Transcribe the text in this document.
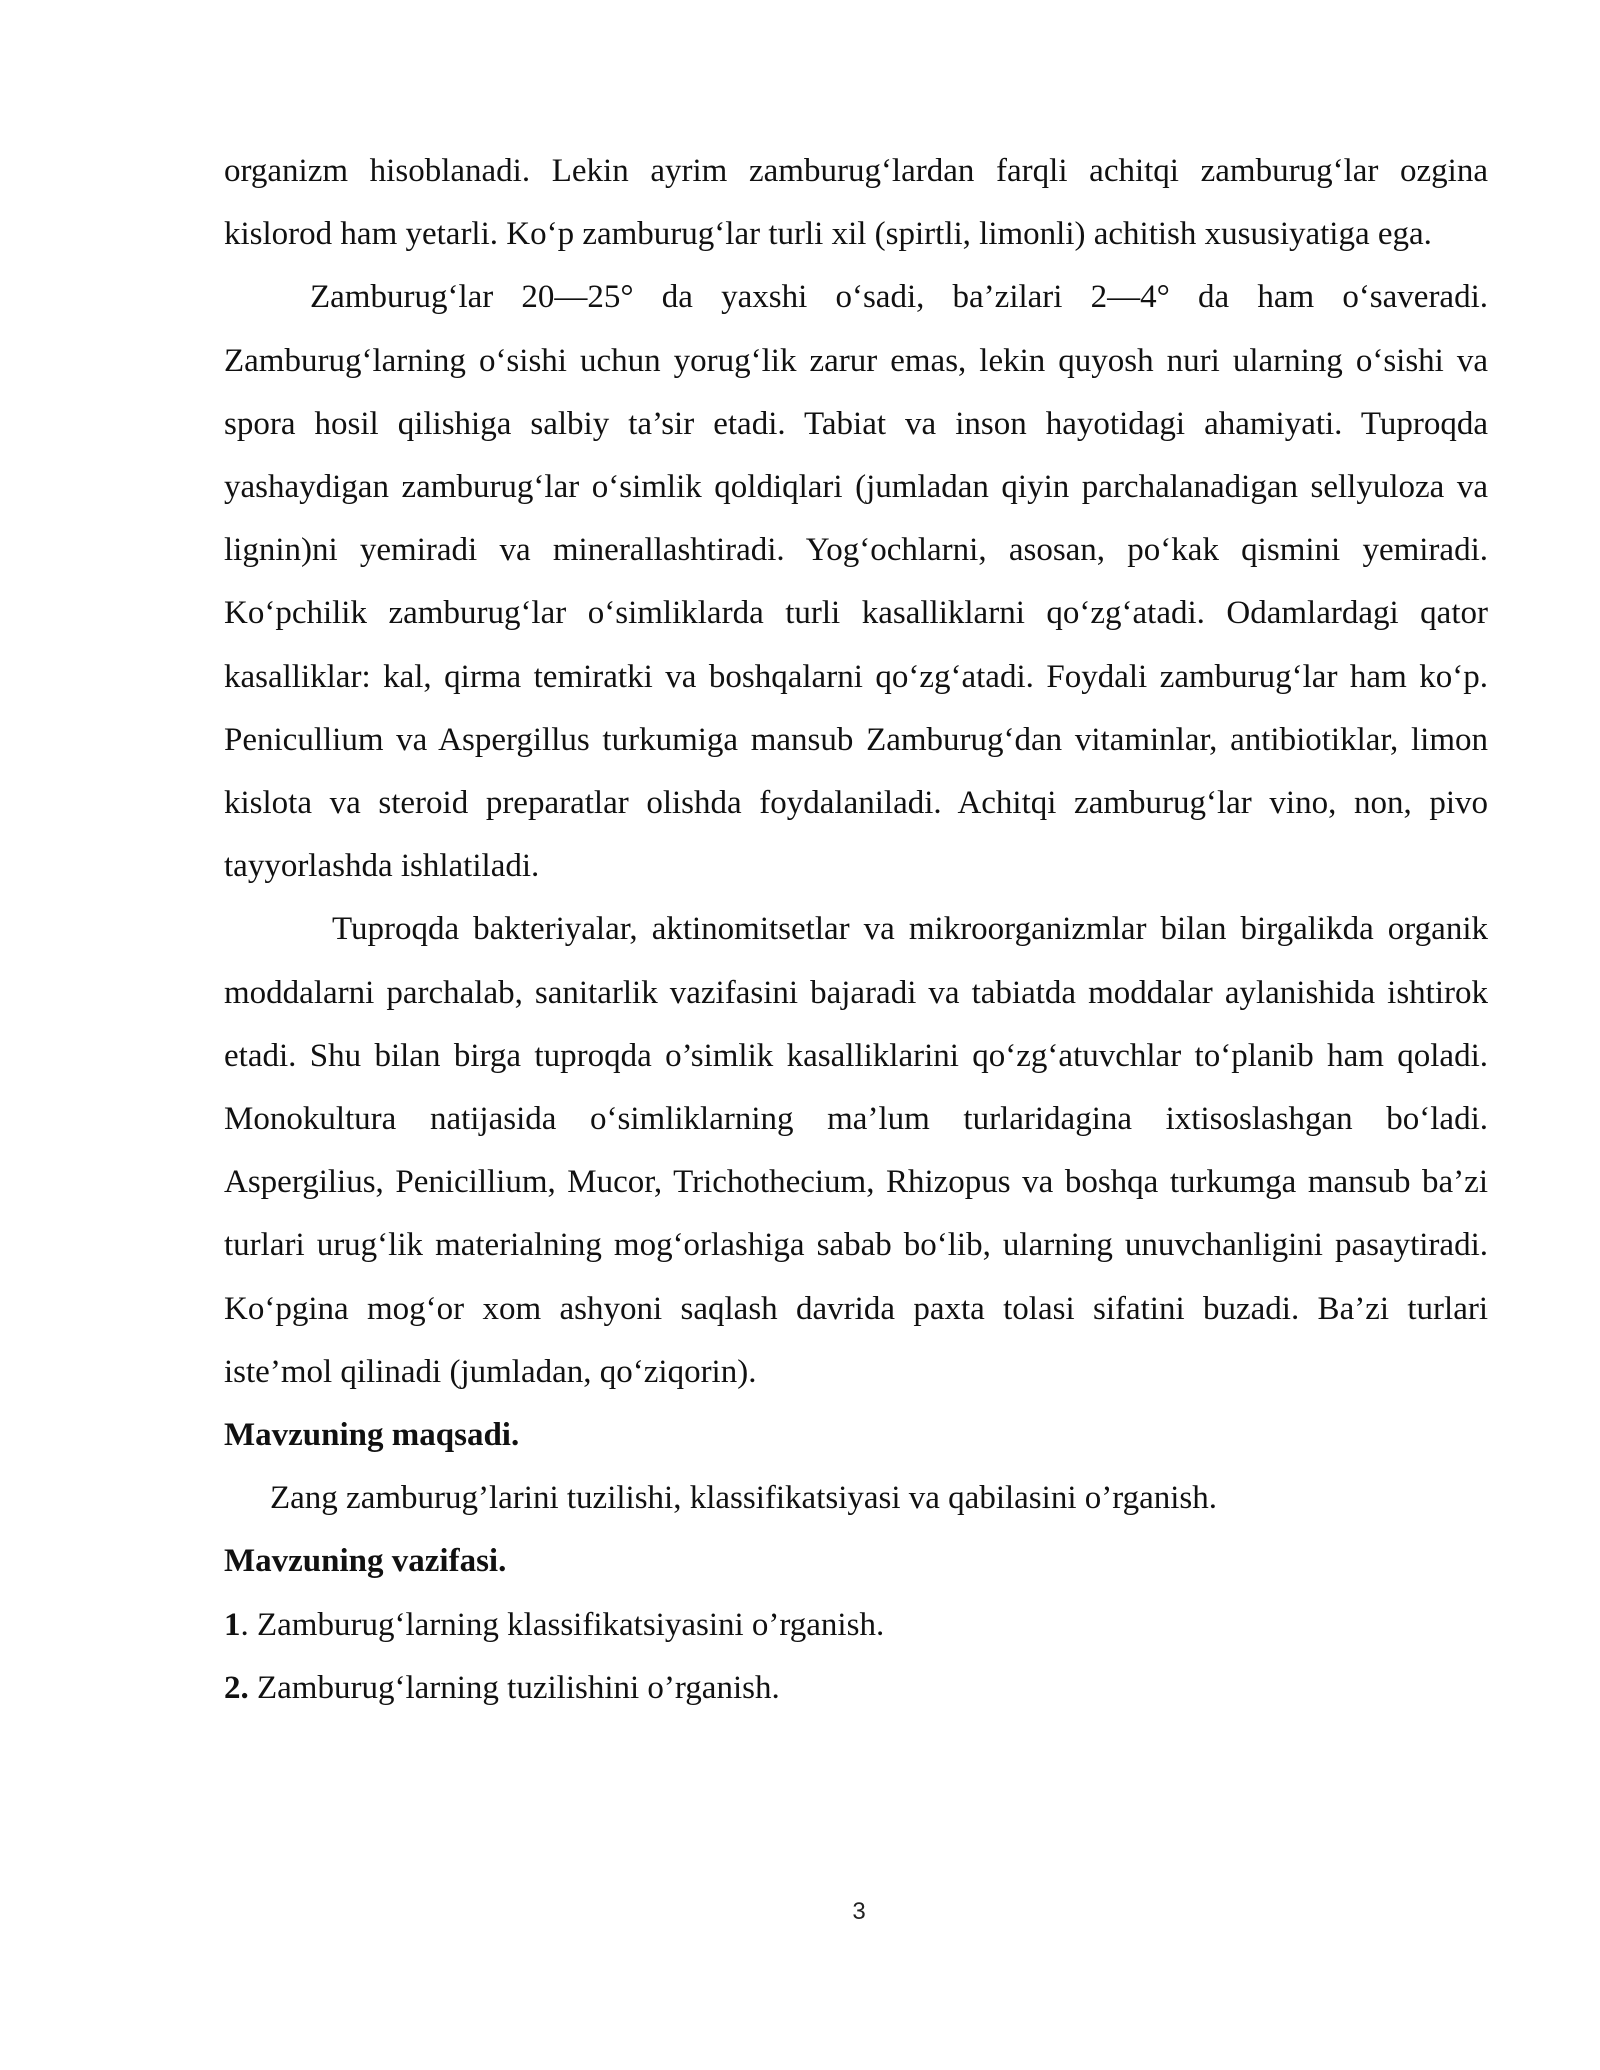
organizm hisoblanadi. Lekin ayrim zamburug‘lardan farqli achitqi zamburug‘lar ozgina kislorod ham yetarli. Ko‘p zamburug‘lar turli xil (spirtli, limonli) achitish xususiyatiga ega.

Zamburug‘lar 20—25° da yaxshi o‘sadi, ba’zilari 2—4° da ham o‘saveradi. Zamburug‘larning o‘sishi uchun yorug‘lik zarur emas, lekin quyosh nuri ularning o‘sishi va spora hosil qilishiga salbiy ta’sir etadi. Tabiat va inson hayotidagi ahamiyati. Tuproqda yashaydigan zamburug‘lar o‘simlik qoldiqlari (jumladan qiyin parchalanadigan sellyuloza va lignin)ni yemiradi va minerallashtiradi. Yog‘ochlarni, asosan, po‘kak qismini yemiradi. Ko‘pchilik zamburug‘lar o‘simliklarda turli kasalliklarni qo‘zg‘atadi. Odamlardagi qator kasalliklar: kal, qirma temiratki va boshqalarni qo‘zg‘atadi. Foydali zamburug‘lar ham ko‘p. Penicullium va Aspergillus turkumiga mansub Zamburug‘dan vitaminlar, antibiotiklar, limon kislota va steroid preparatlar olishda foydalaniladi. Achitqi zamburug‘lar vino, non, pivo tayyorlashda ishlatiladi.

Tuproqda bakteriyalar, aktinomitsetlar va mikroorganizmlar bilan birgalikda organik moddalarni parchalab, sanitarlik vazifasini bajaradi va tabiatda moddalar aylanishida ishtirok etadi. Shu bilan birga tuproqda o’simlik kasalliklarini qo‘zg‘atuvchlar to‘planib ham qoladi. Monokultura natijasida o‘simliklarning ma’lum turlaridagina ixtisoslashgan bo‘ladi. Aspergilius, Penicillium, Mucor, Trichothecium, Rhizopus va boshqa turkumga mansub ba’zi turlari urug‘lik materialning mog‘orlashiga sabab bo‘lib, ularning unuvchanligini pasaytiradi. Ko‘pgina mog‘or xom ashyoni saqlash davrida paxta tolasi sifatini buzadi. Ba’zi turlari iste’mol qilinadi (jumladan, qo‘ziqorin).

Mavzuning maqsadi.

Zang zamburug’larini tuzilishi, klassifikatsiyasi va qabilasini o’rganish.

Mavzuning vazifasi.

1. Zamburug‘larning klassifikatsiyasini o’rganish.

2. Zamburug‘larning tuzilishini o’rganish.

3
